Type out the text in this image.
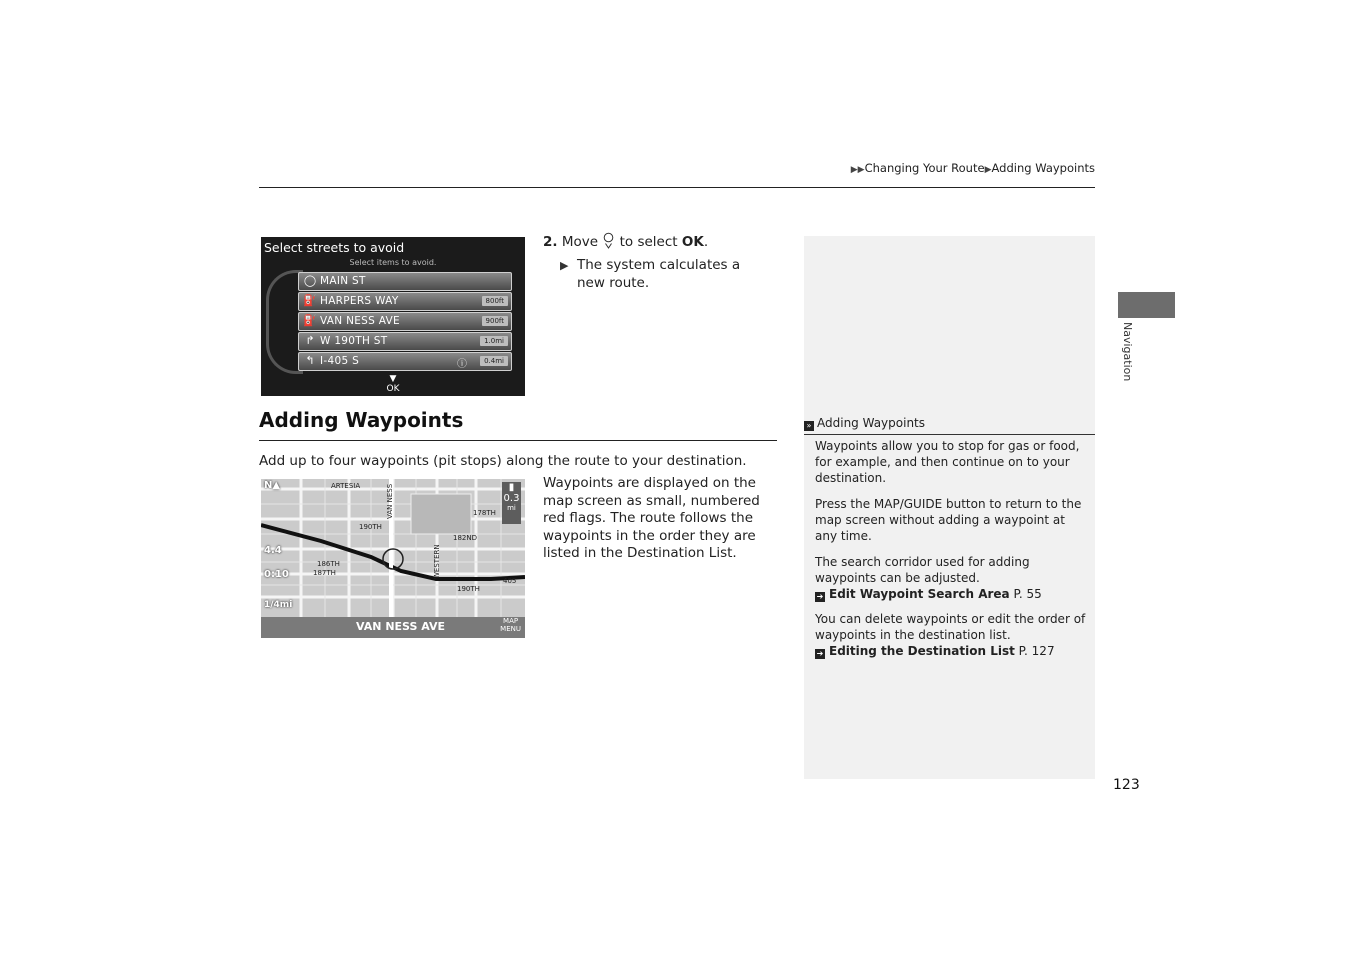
▶▶Changing Your Route▶Adding Waypoints
Navigation
Select streets to avoid
Select items to avoid.
◯ MAIN ST
⛽ HARPERS WAY	800ft
⛽ VAN NESS AVE	900ft
↱ W 190TH ST	1.0mi
↰ I-405 S	ⓘ	0.4mi
▼
OK
2. Move to select OK.
▶ The system calculates a new route.
Adding Waypoints
Add up to four waypoints (pit stops) along the route to your destination.
ARTESIA
190TH
186TH
187TH
182ND
178TH
190TH
VAN NESS
WESTERN
405
N▲
4.4
0:10
1/4mi
▮
0.3
mi
VAN NESS AVE	MAP
MENU
Waypoints are displayed on the map screen as small, numbered red flags. The route follows the waypoints in the order they are listed in the Destination List.
» Adding Waypoints
Waypoints allow you to stop for gas or food, for example, and then continue on to your destination.
Press the MAP/GUIDE button to return to the map screen without adding a waypoint at any time.
The search corridor used for adding waypoints can be adjusted.
➔ Edit Waypoint Search Area P. 55
You can delete waypoints or edit the order of waypoints in the destination list.
➔ Editing the Destination List P. 127
123
